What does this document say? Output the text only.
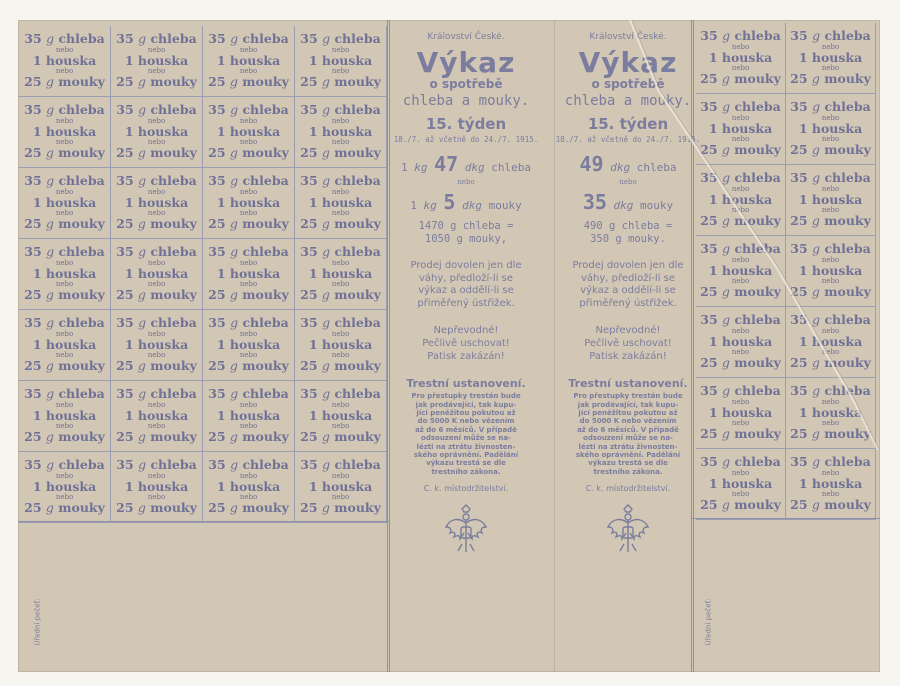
35 g chleba
nebo
1 houska
nebo
25 g mouky
35 g chleba
nebo
1 houska
nebo
25 g mouky
35 g chleba
nebo
1 houska
nebo
25 g mouky
35 g chleba
nebo
1 houska
nebo
25 g mouky
35 g chleba
nebo
1 houska
nebo
25 g mouky
35 g chleba
nebo
1 houska
nebo
25 g mouky
35 g chleba
nebo
1 houska
nebo
25 g mouky
35 g chleba
nebo
1 houska
nebo
25 g mouky
35 g chleba
nebo
1 houska
nebo
25 g mouky
35 g chleba
nebo
1 houska
nebo
25 g mouky
35 g chleba
nebo
1 houska
nebo
25 g mouky
35 g chleba
nebo
1 houska
nebo
25 g mouky
35 g chleba
nebo
1 houska
nebo
25 g mouky
35 g chleba
nebo
1 houska
nebo
25 g mouky
35 g chleba
nebo
1 houska
nebo
25 g mouky
35 g chleba
nebo
1 houska
nebo
25 g mouky
35 g chleba
nebo
1 houska
nebo
25 g mouky
35 g chleba
nebo
1 houska
nebo
25 g mouky
35 g chleba
nebo
1 houska
nebo
25 g mouky
35 g chleba
nebo
1 houska
nebo
25 g mouky
35 g chleba
nebo
1 houska
nebo
25 g mouky
35 g chleba
nebo
1 houska
nebo
25 g mouky
35 g chleba
nebo
1 houska
nebo
25 g mouky
35 g chleba
nebo
1 houska
nebo
25 g mouky
35 g chleba
nebo
1 houska
nebo
25 g mouky
35 g chleba
nebo
1 houska
nebo
25 g mouky
35 g chleba
nebo
1 houska
nebo
25 g mouky
35 g chleba
nebo
1 houska
nebo
25 g mouky
35 g chleba
nebo
1 houska
nebo
25 g mouky
35 g chleba
nebo
1 houska
nebo
25 g mouky
35 g chleba
nebo
1 houska
nebo
25 g mouky
35 g chleba
nebo
1 houska
nebo
25 g mouky
35 g chleba
nebo
1 houska
nebo
25 g mouky
35 g chleba
nebo
1 houska
nebo
25 g mouky
35 g chleba
nebo
1 houska
nebo
25 g mouky
35 g chleba
nebo
1 houska
nebo
25 g mouky
35 g chleba
nebo
1 houska
nebo
25 g mouky
35 g chleba
nebo
1 houska
nebo
25 g mouky
35 g chleba
nebo
1 houska
nebo
25 g mouky
35 g chleba
nebo
1 houska
nebo
25 g mouky
35 g chleba
nebo
1 houska
nebo
25 g mouky
35 g chleba
nebo
1 houska
nebo
25 g mouky
Království České.
Výkaz
o spotřebě
chleba a mouky.
15. týden
18./7. až včetně do 24./7. 1915.
1 kg 47 dkg chleba
nebo
1 kg 5 dkg mouky
1470 g chleba =
1050 g mouky,
Prodej dovolen jen dle
váhy, předloží-li se
výkaz a oddělí-li se
přiměřený ústřižek.
Nepřevodné!
Pečlivě uschovat!
Patisk zakázán!
Trestní ustanovení.
Pro přestupky trestán bude
jak prodávající, tak kupu-
jící peněžitou pokutou až
do 5000 K nebo vězením
až do 6 měsíců. V případě
odsouzení může se na-
lézti na ztrátu živnosten-
ského oprávnění. Padělání
výkazu trestá se dle
trestního zákona.
C. k. místodržitelství.
Království České.
Výkaz
o spotřebě
chleba a mouky.
15. týden
18./7. až včetně do 24./7. 1915.
49 dkg chleba
nebo
35 dkg mouky
490 g chleba =
350 g mouky.
Prodej dovolen jen dle
váhy, předloží-li se
výkaz a oddělí-li se
přiměřený ústřižek.
Nepřevodné!
Pečlivě uschovat!
Patisk zakázán!
Trestní ustanovení.
Pro přestupky trestán bude
jak prodávající, tak kupu-
jící peněžitou pokutou až
do 5000 K nebo vězením
až do 6 měsíců. V případě
odsouzení může se na-
lézti na ztrátu živnosten-
ského oprávnění. Padělání
výkazu trestá se dle
trestního zákona.
C. k. místodržitelství.
Úřední pečeť:	Úřední pečeť:
